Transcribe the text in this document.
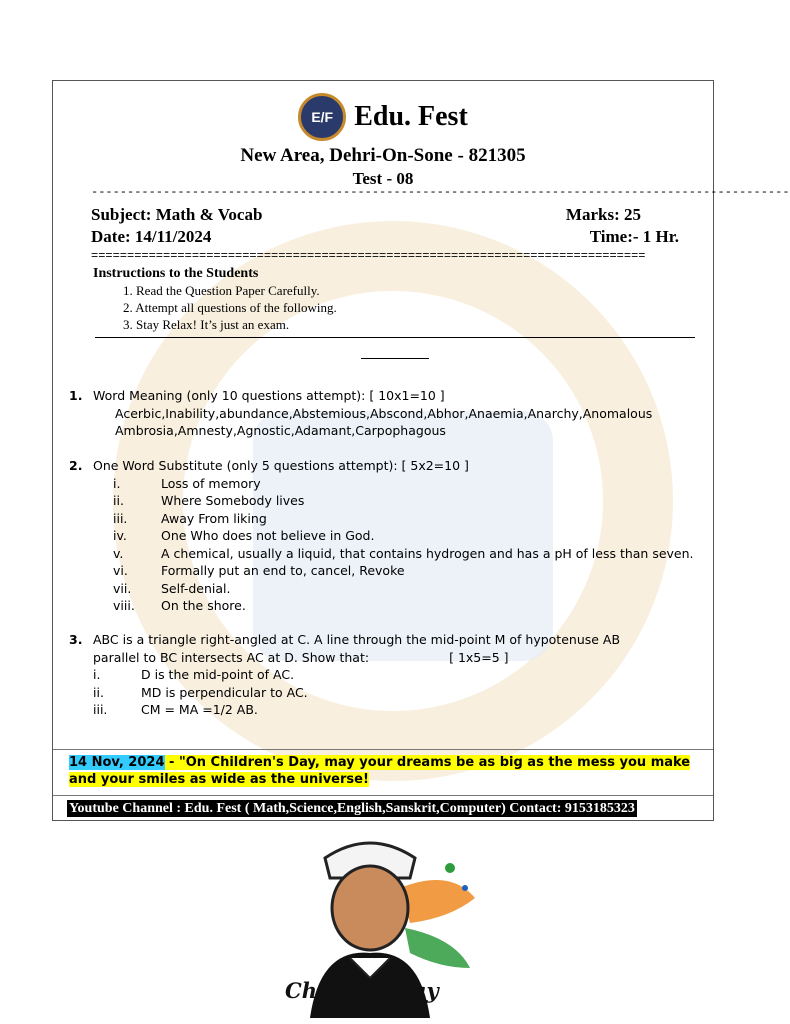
E/F Edu. Fest
New Area, Dehri-On-Sone - 821305
Test - 08
-------------------------------------------------------------------------------------------------
Subject: Math & Vocab	Marks: 25
Date: 14/11/2024	Time:- 1 Hr.
=============================================================================
Instructions to the Students
1. Read the Question Paper Carefully.
2. Attempt all questions of the following.
3. Stay Relax! It’s just an exam.
1. Word Meaning (only 10 questions attempt): [ 10x1=10 ]
Acerbic,Inability,abundance,Abstemious,Abscond,Abhor,Anaemia,Anarchy,Anomalous Ambrosia,Amnesty,Agnostic,Adamant,Carpophagous
2. One Word Substitute (only 5 questions attempt): [ 5x2=10 ]
i.	Loss of memory
ii.	Where Somebody lives
iii.	Away From liking
iv.	One Who does not believe in God.
v.	A chemical, usually a liquid, that contains hydrogen and has a pH of less than seven.
vi.	Formally put an end to, cancel, Revoke
vii.	Self-denial.
viii.	On the shore.
3. ABC is a triangle right-angled at C. A line through the mid-point M of hypotenuse AB
parallel to BC intersects AC at D. Show that:	[ 1x5=5 ]
i.	D is the mid-point of AC.
ii.	MD is perpendicular to AC.
iii.	CM = MA =1/2 AB.
14 Nov, 2024 - "On Children's Day, may your dreams be as big as the mess you make and your smiles as wide as the universe!
Youtube Channel : Edu. Fest ( Math,Science,English,Sanskrit,Computer) Contact: 9153185323
Children Day
